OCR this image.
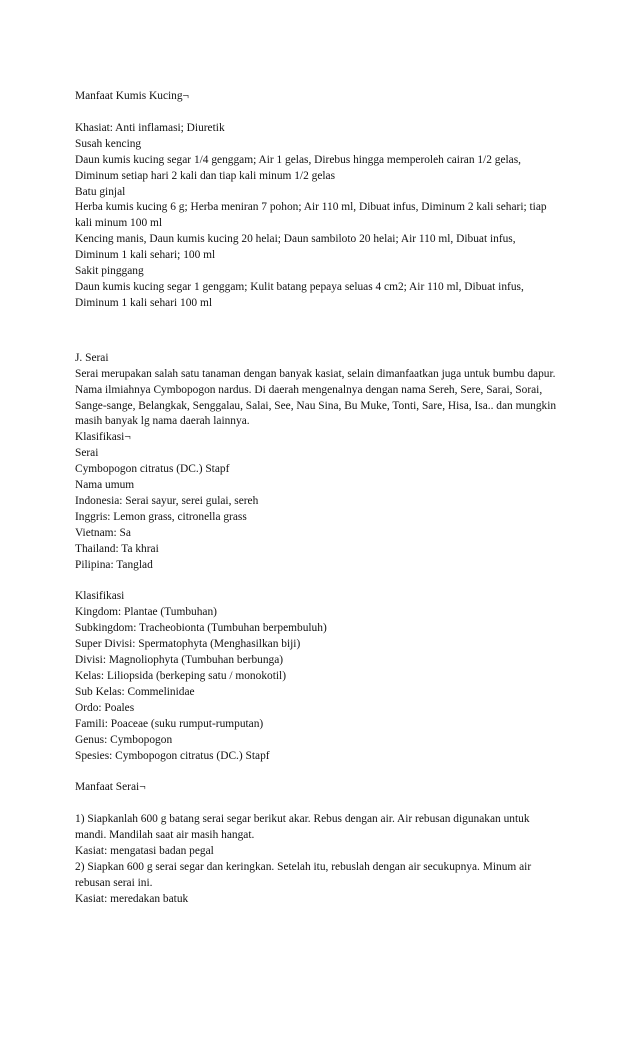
Manfaat Kumis Kucing¬

Khasiat: Anti inflamasi; Diuretik

Susah kencing

Daun kumis kucing segar 1/4 genggam; Air 1 gelas, Direbus hingga memperoleh cairan 1/2 gelas,

Diminum setiap hari 2 kali dan tiap kali minum 1/2 gelas

Batu ginjal

Herba kumis kucing 6 g; Herba meniran 7 pohon; Air 110 ml, Dibuat infus, Diminum 2 kali sehari; tiap

kali minum 100 ml

Kencing manis, Daun kumis kucing 20 helai; Daun sambiloto 20 helai; Air 110 ml, Dibuat infus,

Diminum 1 kali sehari; 100 ml

Sakit pinggang

Daun kumis kucing segar 1 genggam; Kulit batang pepaya seluas 4 cm2; Air 110 ml, Dibuat infus,

Diminum 1 kali sehari 100 ml

J. Serai

Serai merupakan salah satu tanaman dengan banyak kasiat, selain dimanfaatkan juga untuk bumbu dapur.

Nama ilmiahnya Cymbopogon nardus. Di daerah mengenalnya dengan nama Sereh, Sere, Sarai, Sorai,

Sange-sange, Belangkak, Senggalau, Salai, See, Nau Sina, Bu Muke, Tonti, Sare, Hisa, Isa.. dan mungkin

masih banyak lg nama daerah lainnya.

Klasifikasi¬

Serai

Cymbopogon citratus (DC.) Stapf

Nama umum

Indonesia: Serai sayur, serei gulai, sereh

Inggris: Lemon grass, citronella grass

Vietnam: Sa

Thailand: Ta khrai

Pilipina: Tanglad

Klasifikasi

Kingdom: Plantae (Tumbuhan)

Subkingdom: Tracheobionta (Tumbuhan berpembuluh)

Super Divisi: Spermatophyta (Menghasilkan biji)

Divisi: Magnoliophyta (Tumbuhan berbunga)

Kelas: Liliopsida (berkeping satu / monokotil)

Sub Kelas: Commelinidae

Ordo: Poales

Famili: Poaceae (suku rumput-rumputan)

Genus: Cymbopogon

Spesies: Cymbopogon citratus (DC.) Stapf

Manfaat Serai¬

1) Siapkanlah 600 g batang serai segar berikut akar. Rebus dengan air. Air rebusan digunakan untuk

mandi. Mandilah saat air masih hangat.

Kasiat: mengatasi badan pegal

2) Siapkan 600 g serai segar dan keringkan. Setelah itu, rebuslah dengan air secukupnya. Minum air

rebusan serai ini.

Kasiat: meredakan batuk
